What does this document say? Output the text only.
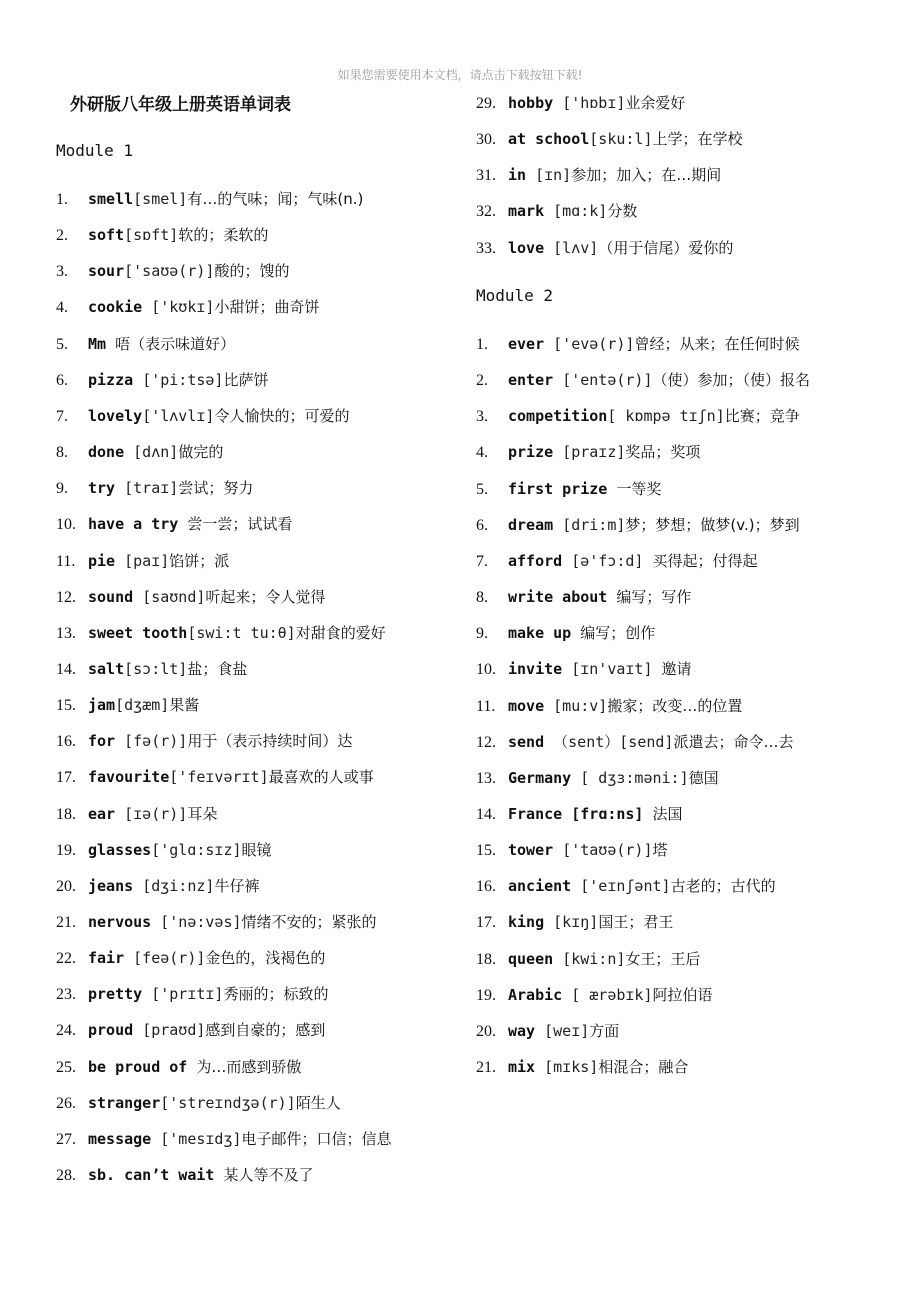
如果您需要使用本文档，请点击下载按钮下载!
外研版八年级上册英语单词表
Module 1
1. smell[smel]有…的气味；闻；气味(n.)
2. soft[sɒft]软的；柔软的
3. sour['saʊə(r)]酸的；馊的
4. cookie ['kʊkɪ]小甜饼；曲奇饼
5. Mm 唔（表示味道好）
6. pizza ['pi:tsə]比萨饼
7. lovely['lʌvlɪ]令人愉快的；可爱的
8. done [dʌn]做完的
9. try [traɪ]尝试；努力
10. have a try 尝一尝；试试看
11. pie [paɪ]馅饼；派
12. sound [saʊnd]听起来；令人觉得
13. sweet tooth[swi:t tu:θ]对甜食的爱好
14. salt[sɔ:lt]盐；食盐
15. jam[dʒæm]果酱
16. for [fə(r)]用于（表示持续时间）达
17. favourite['feɪvərɪt]最喜欢的人或事
18. ear [ɪə(r)]耳朵
19. glasses['glɑ:sɪz]眼镜
20. jeans [dʒi:nz]牛仔裤
21. nervous ['nə:vəs]情绪不安的；紧张的
22. fair [feə(r)]金色的，浅褐色的
23. pretty ['prɪtɪ]秀丽的；标致的
24. proud [praʊd]感到自豪的；感到
25. be proud of 为…而感到骄傲
26. stranger['streɪndʒə(r)]陌生人
27. message ['mesɪdʒ]电子邮件；口信；信息
28. sb. can’t wait 某人等不及了
29. hobby ['hɒbɪ]业余爱好
30. at school[sku:l]上学；在学校
31. in [ɪn]参加；加入；在…期间
32. mark [mɑ:k]分数
33. love [lʌv]（用于信尾）爱你的
Module 2
1. ever ['evə(r)]曾经；从来；在任何时候
2. enter ['entə(r)]（使）参加；（使）报名
3. competition[ kɒmpə tɪʃn]比赛；竞争
4. prize [praɪz]奖品；奖项
5. first prize 一等奖
6. dream [dri:m]梦；梦想；做梦(v.)；梦到
7. afford [ə'fɔ:d] 买得起；付得起
8. write about 编写；写作
9. make up 编写；创作
10. invite [ɪn'vaɪt] 邀请
11. move [mu:v]搬家；改变…的位置
12. send （sent）[send]派遣去；命令…去
13. Germany [ dʒɜ:məni:]德国
14. France [frɑ:ns] 法国
15. tower ['taʊə(r)]塔
16. ancient ['eɪnʃənt]古老的；古代的
17. king [kɪŋ]国王；君王
18. queen [kwi:n]女王；王后
19. Arabic [ ærəbɪk]阿拉伯语
20. way [weɪ]方面
21. mix [mɪks]相混合；融合
